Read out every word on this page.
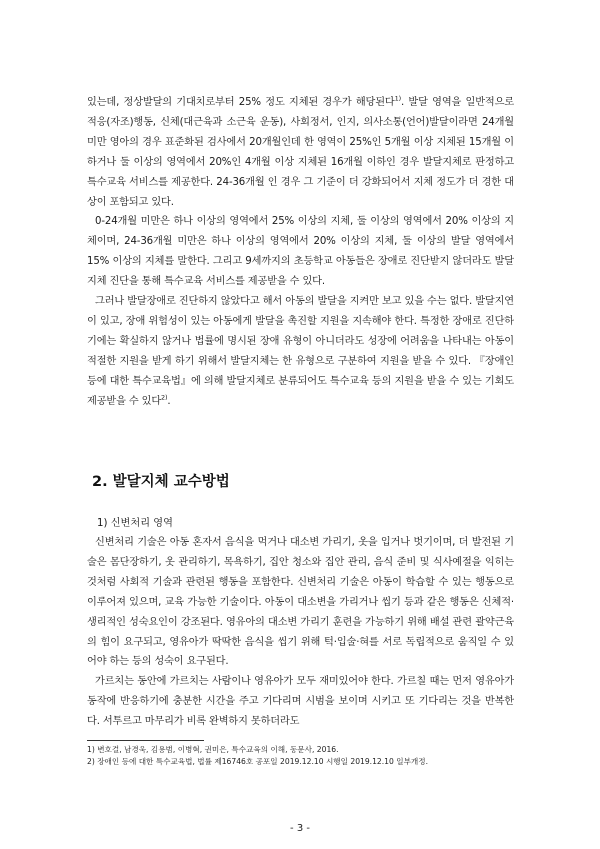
있는데, 정상발달의 기대치로부터 25% 정도 지체된 경우가 해당된다$^{1)}$. 발달 영역을 일반적으로 적응(자조)행동, 신체(대근육과 소근육 운동), 사회정서, 인지, 의사소통(언어)발달이라면 24개월 미만 영아의 경우 표준화된 검사에서 20개월인데 한 영역이 25%인 5개월 이상 지체된 15개월 이하거나 둘 이상의 영역에서 20%인 4개월 이상 지체된 16개월 이하인 경우 발달지체로 판정하고 특수교육 서비스를 제공한다. 24-36개월 인 경우 그 기준이 더 강화되어서 지체 정도가 더 경한 대상이 포함되고 있다.

0-24개월 미만은 하나 이상의 영역에서 25% 이상의 지체, 둘 이상의 영역에서 20% 이상의 지체이며, 24-36개월 미만은 하나 이상의 영역에서 20% 이상의 지체, 둘 이상의 발달 영역에서 15% 이상의 지체를 말한다. 그리고 9세까지의 초등학교 아동들은 장애로 진단받지 않더라도 발달지체 진단을 통해 특수교육 서비스를 제공받을 수 있다.

그러나 발달장애로 진단하지 않았다고 해서 아동의 발달을 지켜만 보고 있을 수는 없다. 발달지연이 있고, 장애 위험성이 있는 아동에게 발달을 촉진할 지원을 지속해야 한다. 특정한 장애로 진단하기에는 확실하지 않거나 법률에 명시된 장애 유형이 아니더라도 성장에 어려움을 나타내는 아동이 적절한 지원을 받게 하기 위해서 발달지체는 한 유형으로 구분하여 지원을 받을 수 있다. 『장애인 등에 대한 특수교육법』에 의해 발달지체로 분류되어도 특수교육 등의 지원을 받을 수 있는 기회도 제공받을 수 있다$^{2)}$.

2. 발달지체 교수방법

1) 신변처리 영역

신변처리 기술은 아동 혼자서 음식을 먹거나 대소변 가리기, 옷을 입거나 벗기이며, 더 발전된 기술은 몸단장하기, 옷 관리하기, 목욕하기, 집안 청소와 집안 관리, 음식 준비 및 식사예절을 익히는 것처럼 사회적 기술과 관련된 행동을 포함한다. 신변처리 기술은 아동이 학습할 수 있는 행동으로 이루어져 있으며, 교육 가능한 기술이다. 아동이 대소변을 가리거나 씹기 등과 같은 행동은 신체적·생리적인 성숙요인이 강조된다. 영유아의 대소변 가리기 훈련을 가능하기 위해 배설 관련 괄약근육의 힘이 요구되고, 영유아가 딱딱한 음식을 씹기 위해 턱·입술·혀를 서로 독립적으로 움직일 수 있어야 하는 등의 성숙이 요구된다.

가르치는 동안에 가르치는 사람이나 영유아가 모두 재미있어야 한다. 가르칠 때는 먼저 영유아가 동작에 반응하기에 충분한 시간을 주고 기다리며 시범을 보이며 시키고 또 기다리는 것을 반복한다. 서투르고 마무리가 비록 완벽하지 못하더라도

1) 변호걸, 남경욱, 김용범, 이병혁, 권미은, 특수교육의 이해, 동문사, 2016.

2) 장애인 등에 대한 특수교육법, 법률 제16746호 공포일 2019.12.10 시행일 2019.12.10 일부개정.

- 3 -
